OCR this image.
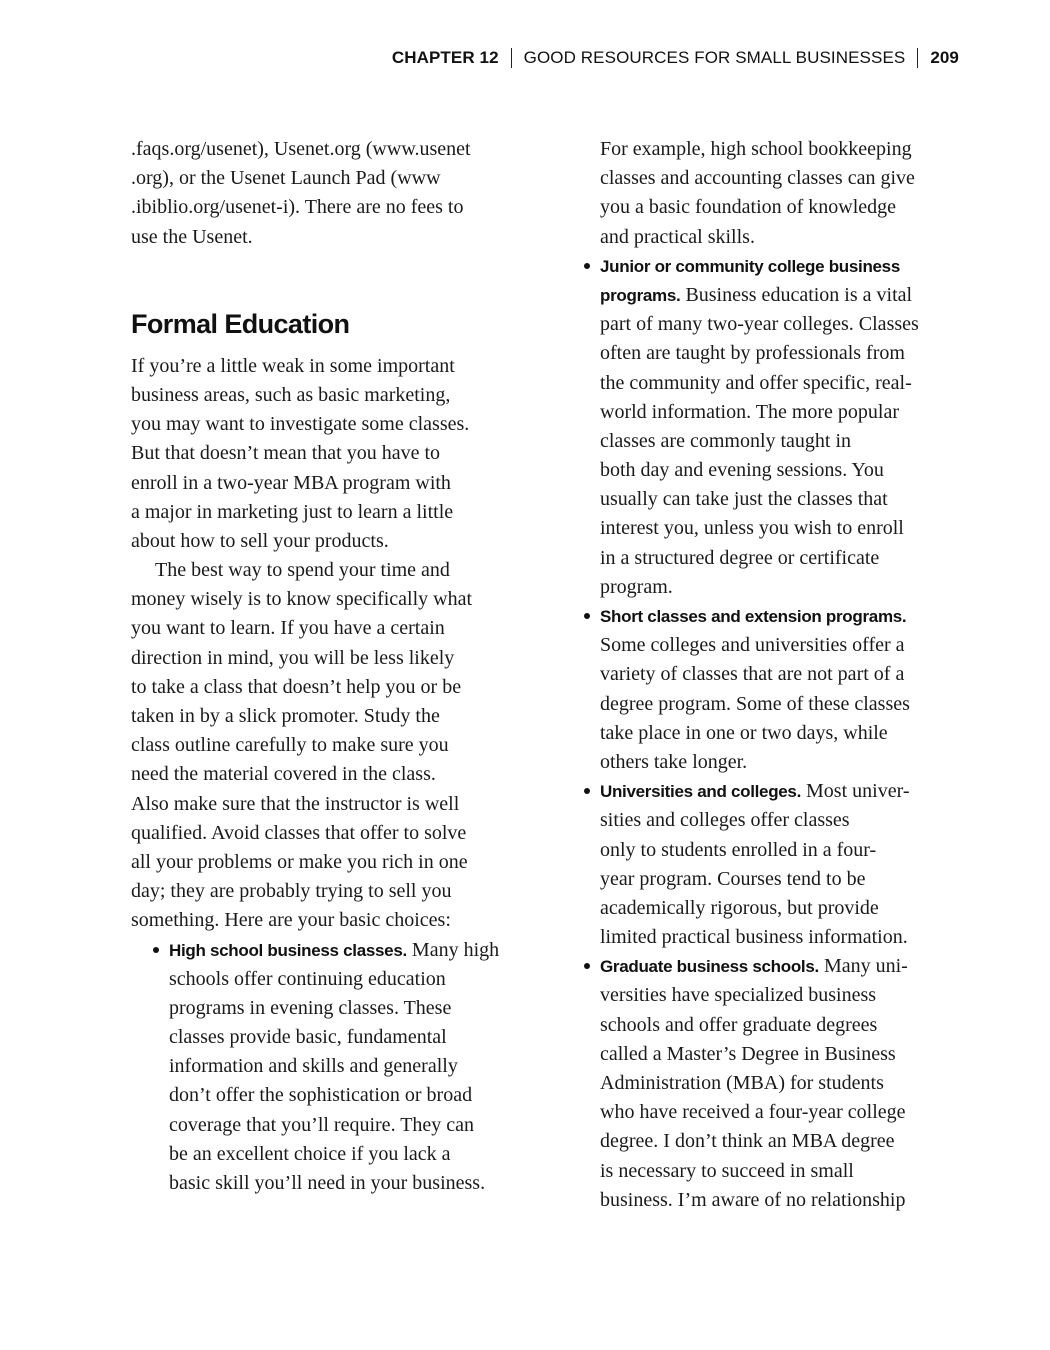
CHAPTER 12 GOOD RESOURCES FOR SMALL BUSINESSES 209
.faqs.org/usenet), Usenet.org (www.usenet
.org), or the Usenet Launch Pad (www
.ibiblio.org/usenet-i). There are no fees to
use the Usenet.
Formal Education
If you’re a little weak in some important
business areas, such as basic marketing,
you may want to investigate some classes.
But that doesn’t mean that you have to
enroll in a two-year MBA program with
a major in marketing just to learn a little
about how to sell your products.
The best way to spend your time and
money wisely is to know specifically what
you want to learn. If you have a certain
direction in mind, you will be less likely
to take a class that doesn’t help you or be
taken in by a slick promoter. Study the
class outline carefully to make sure you
need the material covered in the class.
Also make sure that the instructor is well
qualified. Avoid classes that offer to solve
all your problems or make you rich in one
day; they are probably trying to sell you
something. Here are your basic choices:
High school business classes. Many high
schools offer continuing education
programs in evening classes. These
classes provide basic, fundamental
information and skills and generally
don’t offer the sophistication or broad
coverage that you’ll require. They can
be an excellent choice if you lack a
basic skill you’ll need in your business.
For example, high school bookkeeping
classes and accounting classes can give
you a basic foundation of knowledge
and practical skills.
Junior or community college business
programs. Business education is a vital
part of many two-year colleges. Classes
often are taught by professionals from
the community and offer specific, real-
world information. The more popular
classes are commonly taught in
both day and evening sessions. You
usually can take just the classes that
interest you, unless you wish to enroll
in a structured degree or certificate
program.
Short classes and extension programs.
Some colleges and universities offer a
variety of classes that are not part of a
degree program. Some of these classes
take place in one or two days, while
others take longer.
Universities and colleges. Most univer-
sities and colleges offer classes
only to students enrolled in a four-
year program. Courses tend to be
academically rigorous, but provide
limited practical business information.
Graduate business schools. Many uni-
versities have specialized business
schools and offer graduate degrees
called a Master’s Degree in Business
Administration (MBA) for students
who have received a four-year college
degree. I don’t think an MBA degree
is necessary to succeed in small
business. I’m aware of no relationship
